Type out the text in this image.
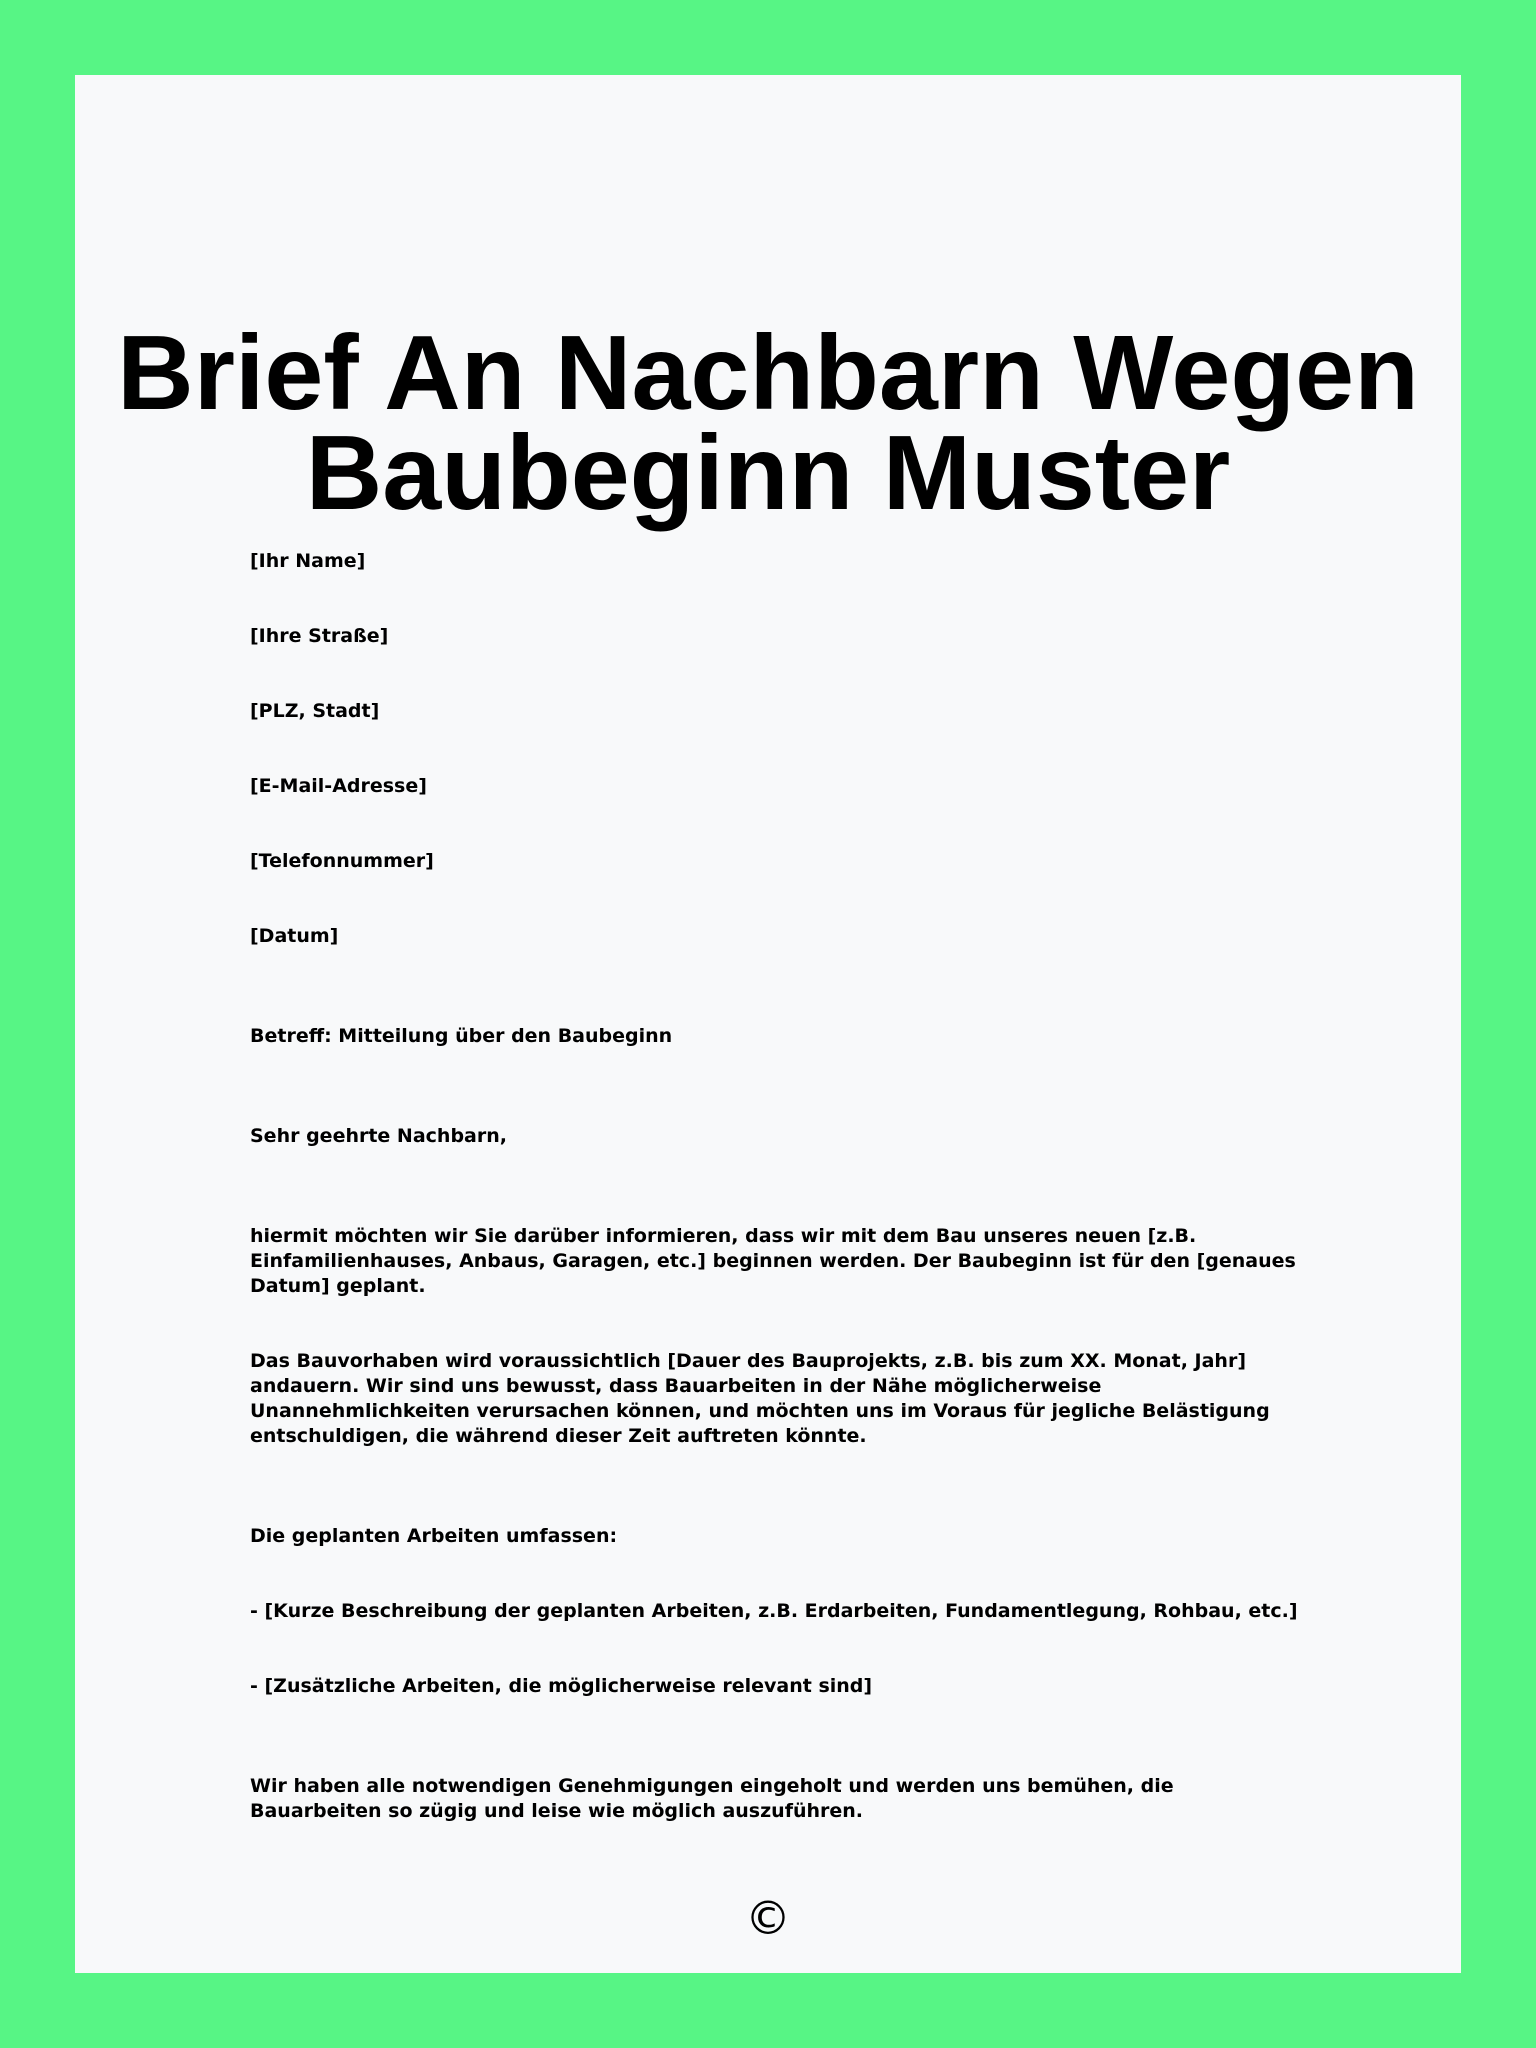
Brief An Nachbarn Wegen Baubeginn Muster

[Ihr Name]

[Ihre Straße]

[PLZ, Stadt]

[E-Mail-Adresse]

[Telefonnummer]

[Datum]

Betreff: Mitteilung über den Baubeginn

Sehr geehrte Nachbarn,

hiermit möchten wir Sie darüber informieren, dass wir mit dem Bau unseres neuen [z.B. Einfamilienhauses, Anbaus, Garagen, etc.] beginnen werden. Der Baubeginn ist für den [genaues Datum] geplant.

Das Bauvorhaben wird voraussichtlich [Dauer des Bauprojekts, z.B. bis zum XX. Monat, Jahr] andauern. Wir sind uns bewusst, dass Bauarbeiten in der Nähe möglicherweise Unannehmlichkeiten verursachen können, und möchten uns im Voraus für jegliche Belästigung entschuldigen, die während dieser Zeit auftreten könnte.

Die geplanten Arbeiten umfassen:

- [Kurze Beschreibung der geplanten Arbeiten, z.B. Erdarbeiten, Fundamentlegung, Rohbau, etc.]

- [Zusätzliche Arbeiten, die möglicherweise relevant sind]

Wir haben alle notwendigen Genehmigungen eingeholt und werden uns bemühen, die Bauarbeiten so zügig und leise wie möglich auszuführen.

©
